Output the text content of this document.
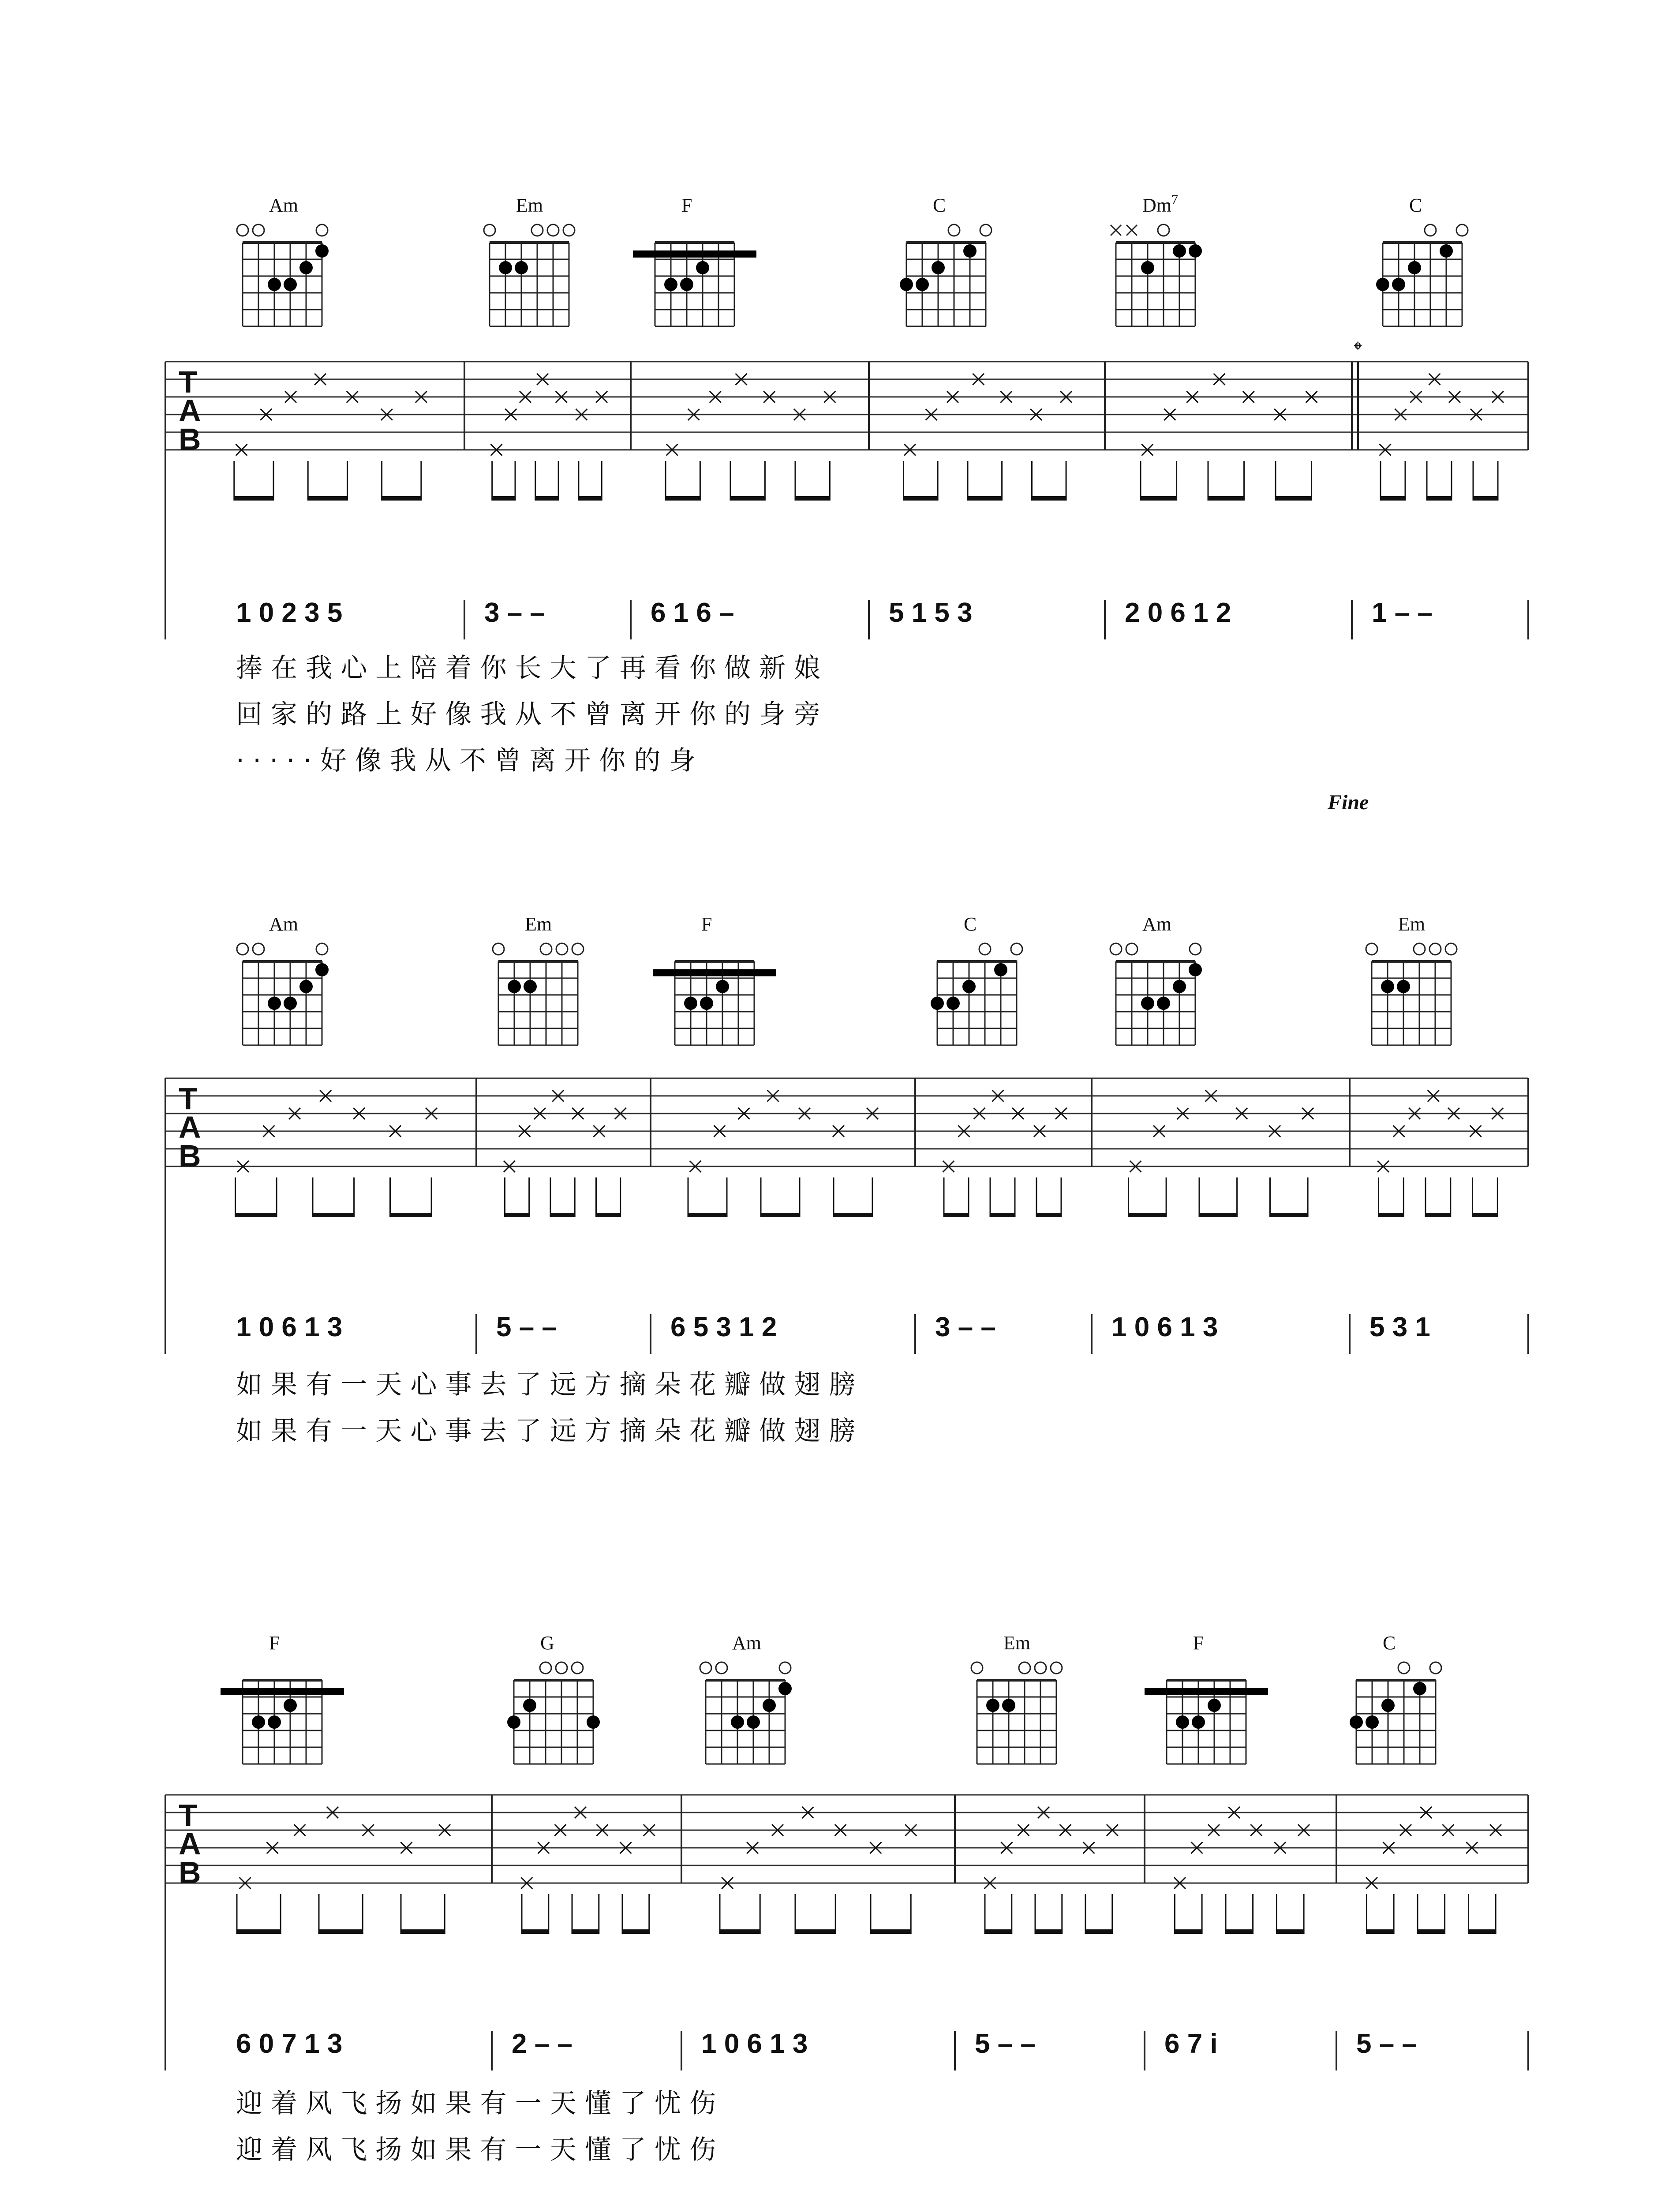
Am	Em	F	C	Dm$^7$	C
T
A
B
𝄌
1 0 2 3 5	3 – –	6 1 6 –	5 1 5 3	2 0 6 1 2	1 – –
捧 在 我 心 上 陪 着 你 长 大 了 再 看 你 做 新 娘
回 家 的 路 上 好 像 我 从 不 曾 离 开 你 的 身 旁
· · · · · 好 像 我 从 不 曾 离 开 你 的 身
Fine
Am	Em	F	C	Am	Em
T
A
B
1 0 6 1 3	5 – –	6 5 3 1 2	3 – –	1 0 6 1 3	5 3 1
如 果 有 一 天 心 事 去 了 远 方 摘 朵 花 瓣 做 翅 膀
如 果 有 一 天 心 事 去 了 远 方 摘 朵 花 瓣 做 翅 膀
F	G	Am	Em	F	C
T
A
B
6 0 7 1 3	2 – –	1 0 6 1 3	5 – –	6 7 i	5 – –
迎 着 风 飞 扬 如 果 有 一 天 懂 了 忧 伤
迎 着 风 飞 扬 如 果 有 一 天 懂 了 忧 伤
